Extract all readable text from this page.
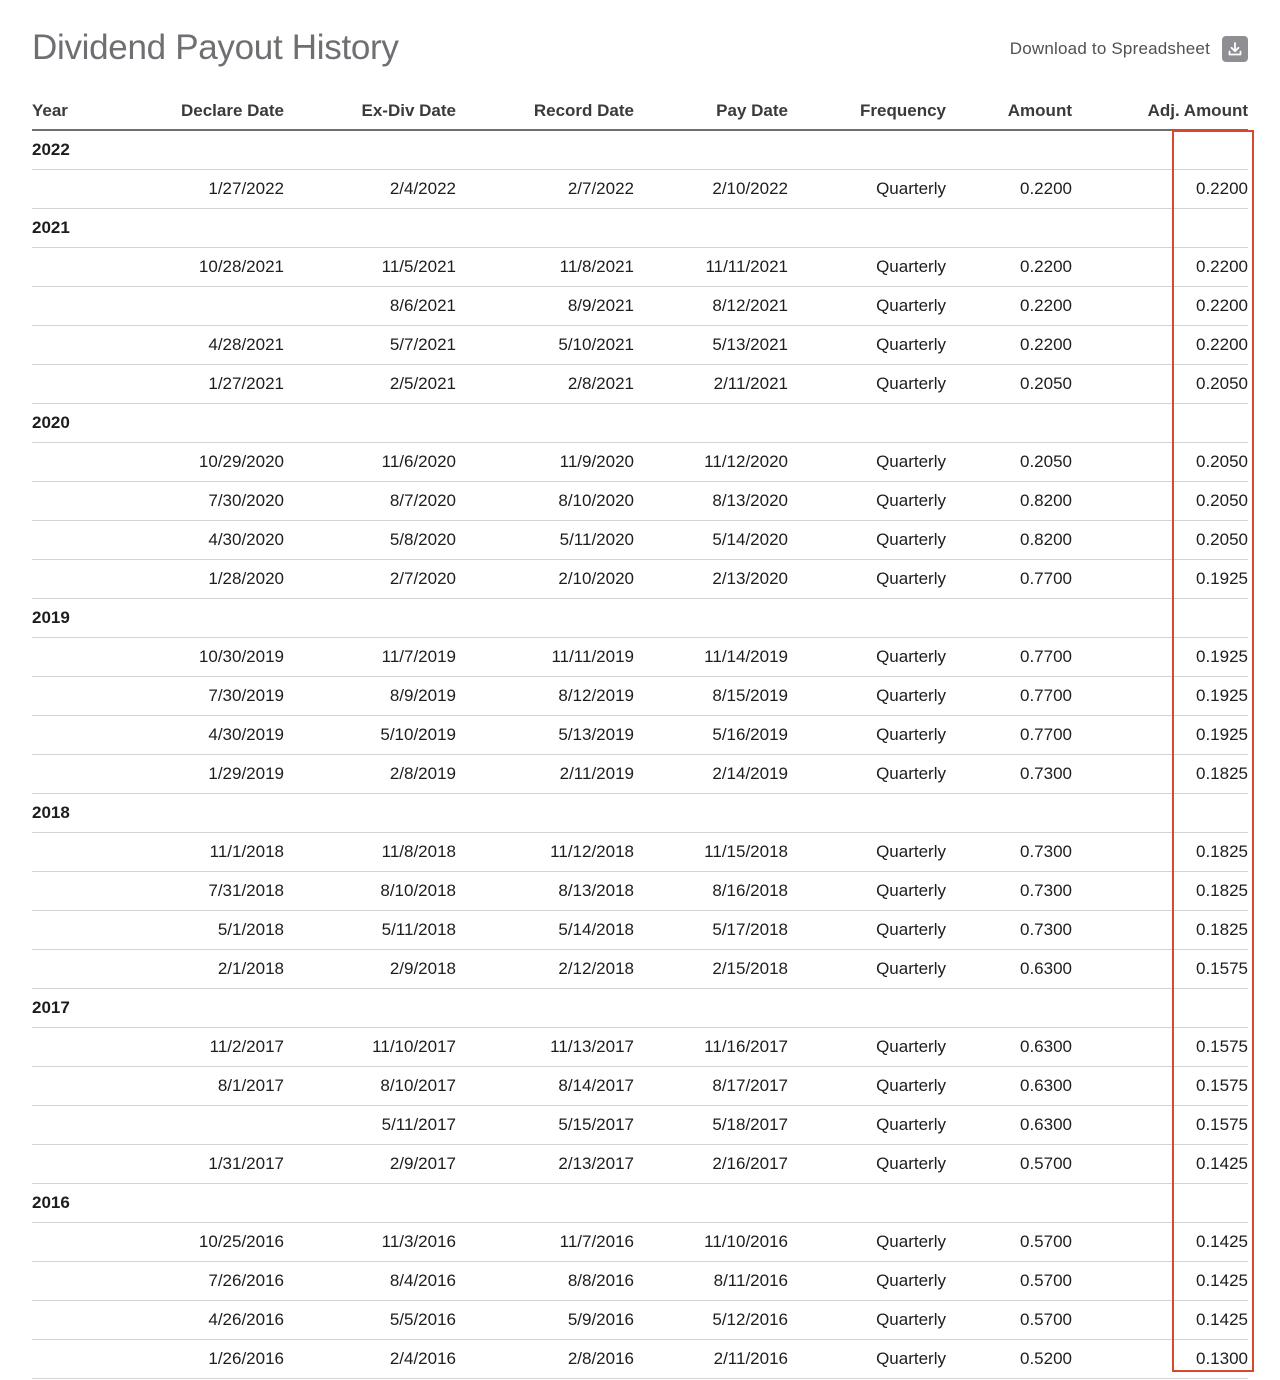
Dividend Payout History	Download to Spreadsheet
Year	Declare Date	Ex-Div Date	Record Date	Pay Date	Frequency	Amount	Adj. Amount
2022							
	1/27/2022	2/4/2022	2/7/2022	2/10/2022	Quarterly	0.2200	0.2200
2021							
	10/28/2021	11/5/2021	11/8/2021	11/11/2021	Quarterly	0.2200	0.2200
		8/6/2021	8/9/2021	8/12/2021	Quarterly	0.2200	0.2200
	4/28/2021	5/7/2021	5/10/2021	5/13/2021	Quarterly	0.2200	0.2200
	1/27/2021	2/5/2021	2/8/2021	2/11/2021	Quarterly	0.2050	0.2050
2020							
	10/29/2020	11/6/2020	11/9/2020	11/12/2020	Quarterly	0.2050	0.2050
	7/30/2020	8/7/2020	8/10/2020	8/13/2020	Quarterly	0.8200	0.2050
	4/30/2020	5/8/2020	5/11/2020	5/14/2020	Quarterly	0.8200	0.2050
	1/28/2020	2/7/2020	2/10/2020	2/13/2020	Quarterly	0.7700	0.1925
2019							
	10/30/2019	11/7/2019	11/11/2019	11/14/2019	Quarterly	0.7700	0.1925
	7/30/2019	8/9/2019	8/12/2019	8/15/2019	Quarterly	0.7700	0.1925
	4/30/2019	5/10/2019	5/13/2019	5/16/2019	Quarterly	0.7700	0.1925
	1/29/2019	2/8/2019	2/11/2019	2/14/2019	Quarterly	0.7300	0.1825
2018							
	11/1/2018	11/8/2018	11/12/2018	11/15/2018	Quarterly	0.7300	0.1825
	7/31/2018	8/10/2018	8/13/2018	8/16/2018	Quarterly	0.7300	0.1825
	5/1/2018	5/11/2018	5/14/2018	5/17/2018	Quarterly	0.7300	0.1825
	2/1/2018	2/9/2018	2/12/2018	2/15/2018	Quarterly	0.6300	0.1575
2017							
	11/2/2017	11/10/2017	11/13/2017	11/16/2017	Quarterly	0.6300	0.1575
	8/1/2017	8/10/2017	8/14/2017	8/17/2017	Quarterly	0.6300	0.1575
		5/11/2017	5/15/2017	5/18/2017	Quarterly	0.6300	0.1575
	1/31/2017	2/9/2017	2/13/2017	2/16/2017	Quarterly	0.5700	0.1425
2016							
	10/25/2016	11/3/2016	11/7/2016	11/10/2016	Quarterly	0.5700	0.1425
	7/26/2016	8/4/2016	8/8/2016	8/11/2016	Quarterly	0.5700	0.1425
	4/26/2016	5/5/2016	5/9/2016	5/12/2016	Quarterly	0.5700	0.1425
	1/26/2016	2/4/2016	2/8/2016	2/11/2016	Quarterly	0.5200	0.1300
